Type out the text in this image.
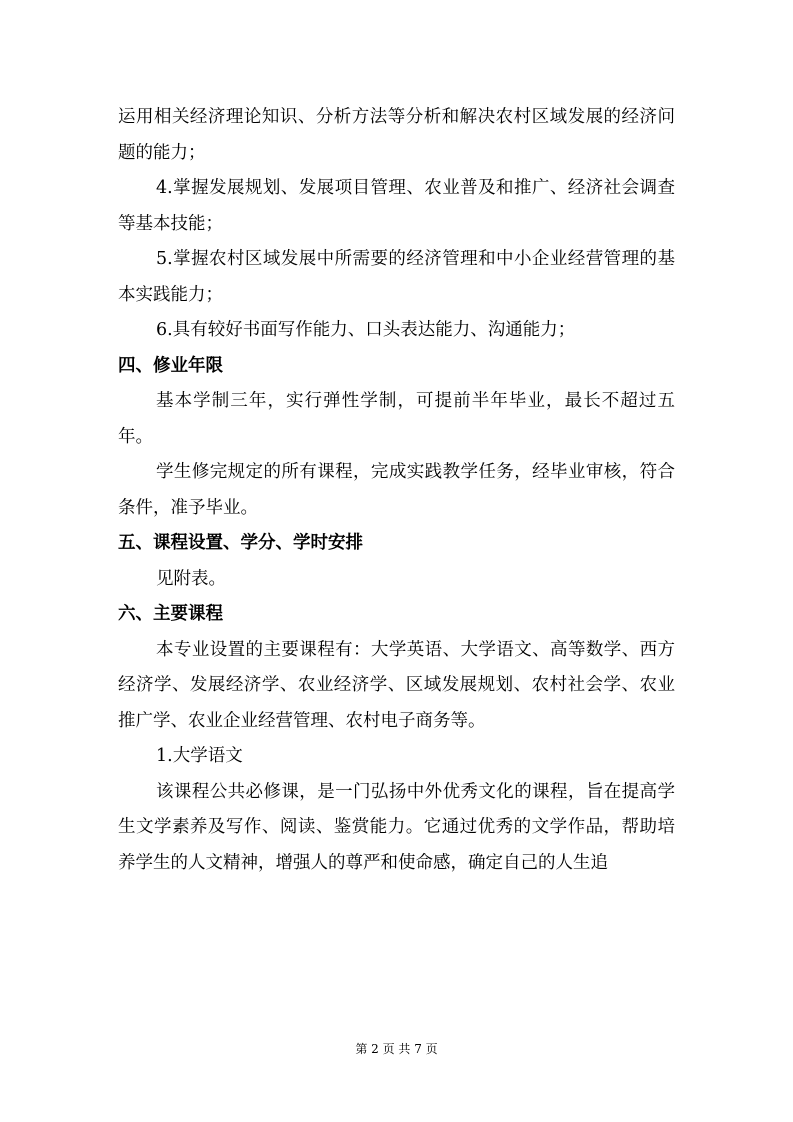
运用相关经济理论知识、分析方法等分析和解决农村区域发展的经济问题的能力；

4.掌握发展规划、发展项目管理、农业普及和推广、经济社会调查等基本技能；

5.掌握农村区域发展中所需要的经济管理和中小企业经营管理的基本实践能力；

6.具有较好书面写作能力、口头表达能力、沟通能力；

四、修业年限

基本学制三年，实行弹性学制，可提前半年毕业，最长不超过五年。

学生修完规定的所有课程，完成实践教学任务，经毕业审核，符合条件，准予毕业。

五、课程设置、学分、学时安排

见附表。

六、主要课程

本专业设置的主要课程有：大学英语、大学语文、高等数学、西方经济学、发展经济学、农业经济学、区域发展规划、农村社会学、农业推广学、农业企业经营管理、农村电子商务等。

1.大学语文

该课程公共必修课，是一门弘扬中外优秀文化的课程，旨在提高学生文学素养及写作、阅读、鉴赏能力。它通过优秀的文学作品，帮助培养学生的人文精神，增强人的尊严和使命感，确定自己的人生追

第 2 页 共 7 页
